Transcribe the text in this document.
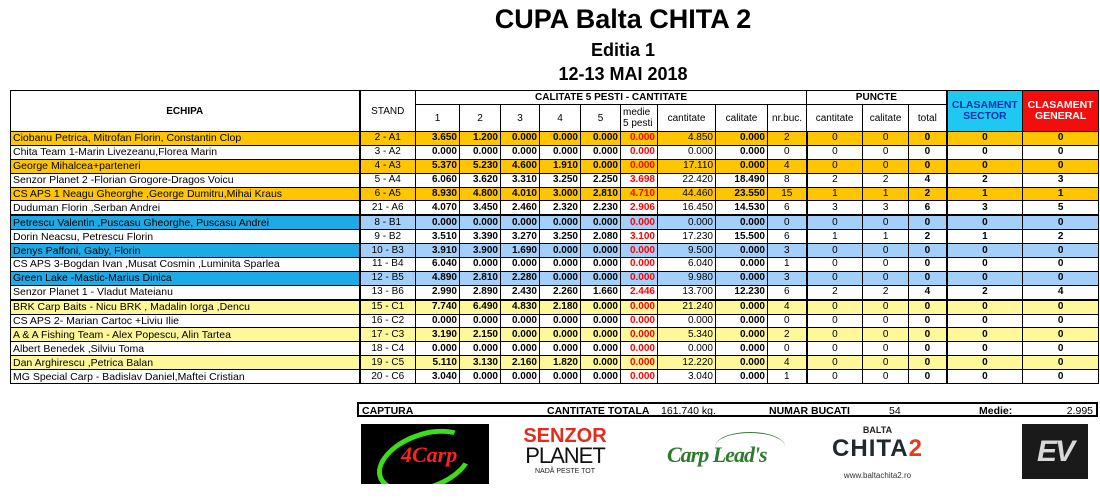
CUPA Balta CHITA 2
Editia 1
12-13 MAI 2018
ECHIPA	STAND	CALITATE 5 PESTI - CANTITATE									PUNCTE			CLASAMENT
SECTOR	CLASAMENT
GENERAL
		1	2	3	4	5	medie
5 pesti	cantitate	calitate	nr.buc.	cantitate	calitate	total		
Ciobanu Petrica, Mitrofan Florin, Constantin Clop	2 - A1	3.650	1.200	0.000	0.000	0.000	0.000	4.850	0.000	2	0	0	0	0	0
Chita Team 1-Marin Livezeanu,Florea Marin	3 - A2	0.000	0.000	0.000	0.000	0.000	0.000	0.000	0.000	0	0	0	0	0	0
George Mihalcea+parteneri	4 - A3	5.370	5.230	4.600	1.910	0.000	0.000	17.110	0.000	4	0	0	0	0	0
Senzor Planet 2 -Florian Grogore-Dragos Voicu	5 - A4	6.060	3.620	3.310	3.250	2.250	3.698	22.420	18.490	8	2	2	4	2	3
CS APS 1 Neagu Gheorghe ,George Dumitru,Mihai Kraus	6 - A5	8.930	4.800	4.010	3.000	2.810	4.710	44.460	23.550	15	1	1	2	1	1
Duduman Florin ,Serban Andrei	21 - A6	4.070	3.450	2.460	2.320	2.230	2.906	16.450	14.530	6	3	3	6	3	5
Petrescu Valentin ,Puscasu Gheorghe, Puscasu Andrei	8 - B1	0.000	0.000	0.000	0.000	0.000	0.000	0.000	0.000	0	0	0	0	0	0
Dorin Neacsu, Petrescu Florin	9 - B2	3.510	3.390	3.270	3.250	2.080	3.100	17.230	15.500	6	1	1	2	1	2
Denys Paffoni, Gaby, Florin	10 - B3	3.910	3.900	1.690	0.000	0.000	0.000	9.500	0.000	3	0	0	0	0	0
CS APS 3-Bogdan Ivan ,Musat Cosmin ,Luminita Sparlea	11 - B4	6.040	0.000	0.000	0.000	0.000	0.000	6.040	0.000	1	0	0	0	0	0
Green Lake -Mastic-Marius Dinica	12 - B5	4.890	2.810	2.280	0.000	0.000	0.000	9.980	0.000	3	0	0	0	0	0
Senzor Planet 1 - Vladut Mateianu	13 - B6	2.990	2.890	2.430	2.260	1.660	2.446	13.700	12.230	6	2	2	4	2	4
BRK Carp Baits - Nicu BRK , Madalin Iorga ,Dencu	15 - C1	7.740	6.490	4.830	2.180	0.000	0.000	21.240	0.000	4	0	0	0	0	0
CS APS 2- Marian Cartoc +Liviu Ilie	16 - C2	0.000	0.000	0.000	0.000	0.000	0.000	0.000	0.000	0	0	0	0	0	0
A & A Fishing Team - Alex Popescu, Alin Tartea	17 - C3	3.190	2.150	0.000	0.000	0.000	0.000	5.340	0.000	2	0	0	0	0	0
Albert Benedek ,Silviu Toma	18 - C4	0.000	0.000	0.000	0.000	0.000	0.000	0.000	0.000	0	0	0	0	0	0
Dan Arghirescu ,Petrica Balan	19 - C5	5.110	3.130	2.160	1.820	0.000	0.000	12.220	0.000	4	0	0	0	0	0
MG Special Carp - Badislav Daniel,Maftei Cristian	20 - C6	3.040	0.000	0.000	0.000	0.000	0.000	3.040	0.000	1	0	0	0	0	0
CAPTURA	CANTITATE TOTALA 161.740 kg.	NUMAR BUCATI	54	Medie:	2.995
4Carp
SENZOR
PLANET
NADĂ PESTE TOT
Carp Lead's
BALTA
CHITA2
www.baltachita2.ro
EV
